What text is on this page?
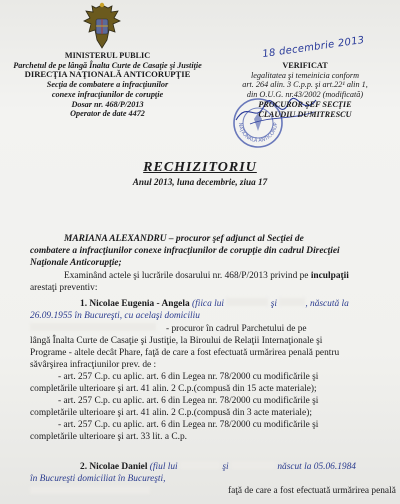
MINISTERUL PUBLIC
Parchetul de pe lângă Înalta Curte de Casaţie şi Justiţie
DIRECŢIA NAŢIONALĂ ANTICORUPŢIE
Secţia de combatere a infracţiunilor
conexe infracţiunilor de corupţie
Dosar nr. 468/P/2013
Operator de date 4472
18 decembrie 2013
NAŢIONALĂ ANTICORUP
VERIFICAT
legalitatea şi temeinicia conform
art. 264 alin. 3 C.p.p. şi art.22¹ alin 1,
din O.U.G. nr.43/2002 (modificată)
PROCUROR ŞEF SECŢIE
CLAUDIU DUMITRESCU
RECHIZITORIU
Anul 2013, luna decembrie, ziua 17
MARIANA ALEXANDRU – procuror şef adjunct al Secţiei de
combatere a infracţiunilor conexe infracţiunilor de corupţie din cadrul Direcţiei
Naţionale Anticorupţie;
Examinând actele şi lucrările dosarului nr. 468/P/2013 privind pe inculpaţii
arestaţi preventiv:
1. Nicolae Eugenia - Angela (fiica lui	şi	, născută la
26.09.1955 în Bucureşti, cu acelaşi domiciliu
- procuror în cadrul Parchetului de pe
lângă Înalta Curte de Casaţie şi Justiţie, la Biroului de Relaţii Internaţionale şi
Programe - altele decât Phare, faţă de care a fost efectuată urmărirea penală pentru
săvârşirea infracţiunilor prev. de :
- art. 257 C.p. cu aplic. art. 6 din Legea nr. 78/2000 cu modificările şi
completările ulterioare şi art. 41 alin. 2 C.p.(compusă din 15 acte materiale);
- art. 257 C.p. cu aplic. art. 6 din Legea nr. 78/2000 cu modificările şi
completările ulterioare şi art. 41 alin. 2 C.p.(compusă din 3 acte materiale);
- art. 257 C.p. cu aplic. art. 6 din Legea nr. 78/2000 cu modificările şi
completările ulterioare şi art. 33 lit. a C.p.
2. Nicolae Daniel (fiul lui	şi	născut la 05.06.1984
în Bucureşti domiciliat în Bucureşti,
faţă de care a fost efectuată urmărirea penală
